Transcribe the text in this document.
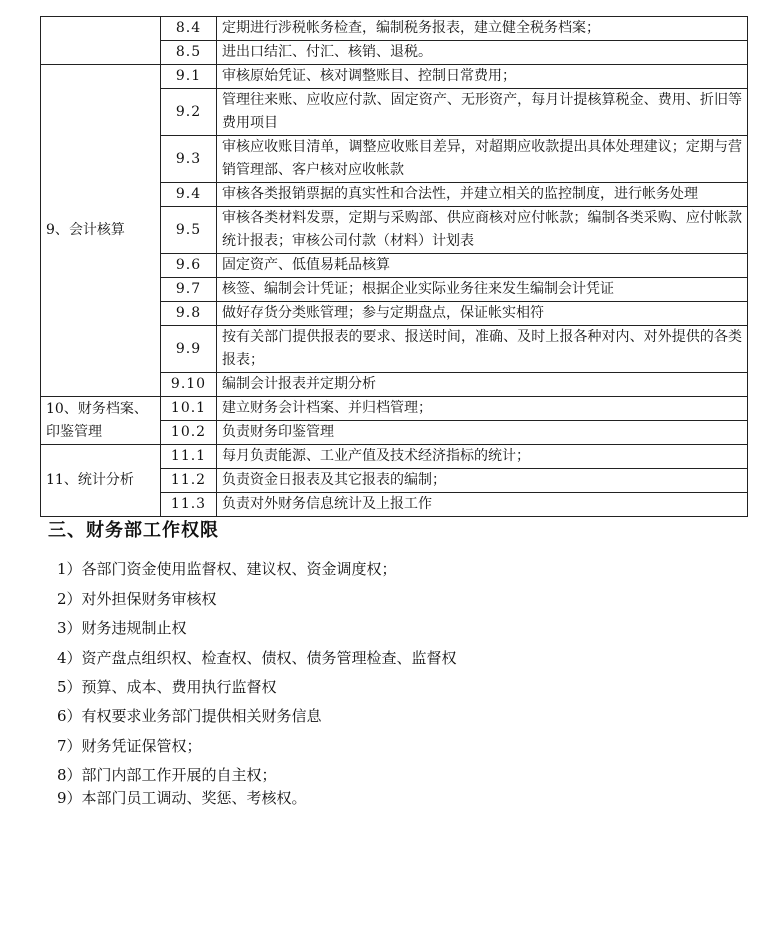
	8.4	定期进行涉税帐务检查，编制税务报表，建立健全税务档案；
	8.5	进出口结汇、付汇、核销、退税。
9、会计核算	9.1	审核原始凭证、核对调整账目、控制日常费用；
	9.2	管理往来账、应收应付款、固定资产、无形资产，每月计提核算税金、费用、折旧等费用项目
	9.3	审核应收账目清单，调整应收账目差异，对超期应收款提出具体处理建议；定期与营销管理部、客户核对应收帐款
	9.4	审核各类报销票据的真实性和合法性，并建立相关的监控制度，进行帐务处理
	9.5	审核各类材料发票，定期与采购部、供应商核对应付帐款；编制各类采购、应付帐款统计报表；审核公司付款（材料）计划表
	9.6	固定资产、低值易耗品核算
	9.7	核签、编制会计凭证；根据企业实际业务往来发生编制会计凭证
	9.8	做好存货分类账管理；参与定期盘点，保证帐实相符
	9.9	按有关部门提供报表的要求、报送时间，准确、及时上报各种对内、对外提供的各类报表；
	9.10	编制会计报表并定期分析
10、财务档案、印鉴管理	10.1	建立财务会计档案、并归档管理；
	10.2	负责财务印鉴管理
11、统计分析	11.1	每月负责能源、工业产值及技术经济指标的统计；
	11.2	负责资金日报表及其它报表的编制；
	11.3	负责对外财务信息统计及上报工作
三、财务部工作权限
1）各部门资金使用监督权、建议权、资金调度权；
2）对外担保财务审核权
3）财务违规制止权
4）资产盘点组织权、检查权、债权、债务管理检查、监督权
5）预算、成本、费用执行监督权
6）有权要求业务部门提供相关财务信息
7）财务凭证保管权；
8）部门内部工作开展的自主权；
9）本部门员工调动、奖惩、考核权。
